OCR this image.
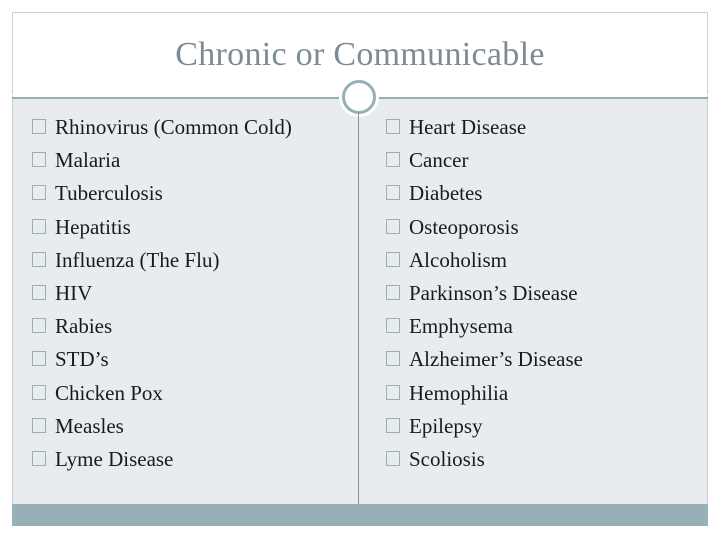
Chronic or Communicable
Rhinovirus (Common Cold)
Malaria
Tuberculosis
Hepatitis
Influenza (The Flu)
HIV
Rabies
STD’s
Chicken Pox
Measles
Lyme Disease
Heart Disease
Cancer
Diabetes
Osteoporosis
Alcoholism
Parkinson’s Disease
Emphysema
Alzheimer’s Disease
Hemophilia
Epilepsy
Scoliosis
